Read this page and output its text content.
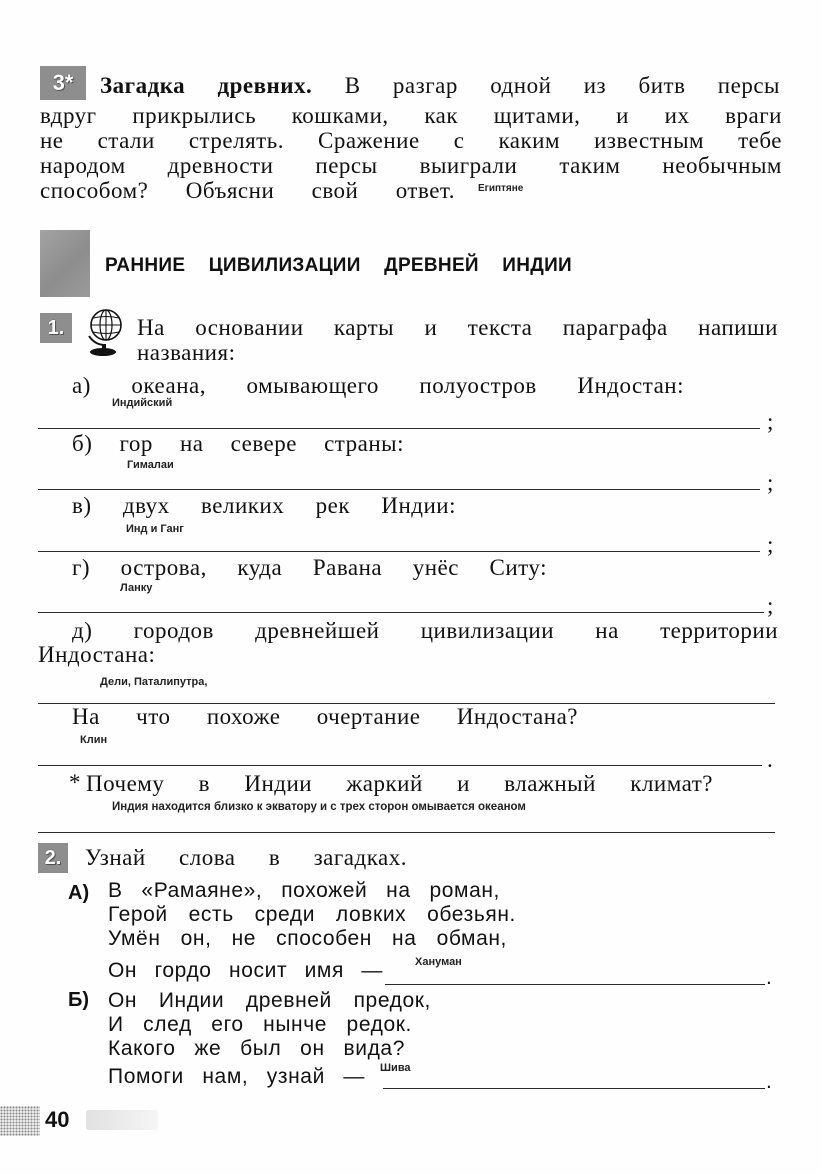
3*	Загадка древних. В разгар одной из битв персы
вдруг прикрылись кошками, как щитами, и их враги
не стали стрелять. Сражение с каким известным тебе
народом древности персы выиграли таким необычным
способом? Объясни свой ответ. Египтяне
РАННИЕ ЦИВИЛИЗАЦИИ ДРЕВНЕЙ ИНДИИ
1.	На основании карты и текста параграфа напиши
названия:
а) океана, омывающего полуостров Индостан:
Индийский
;
б) гор на севере страны:
Гималаи
;
в) двух великих рек Индии:
Инд и Ганг
;
г) острова, куда Равана унёс Ситу:
Ланку
;
д) городов древнейшей цивилизации на территории
Индостана:
Дели, Паталипутра,
На что похоже очертание Индостана?
Клин
.
* Почему в Индии жаркий и влажный климат?
Индия находится близко к экватору и с трех сторон омывается океаном
2. Узнай слова в загадках.
А) В «Рамаяне», похожей на роман,
Герой есть среди ловких обезьян.
Умён он, не способен на обман,
Он гордо носит имя —	Хануман
.
Б) Он Индии древней предок,
И след его нынче редок.
Какого же был он вида?
Помоги нам, узнай — Шива
.
40
